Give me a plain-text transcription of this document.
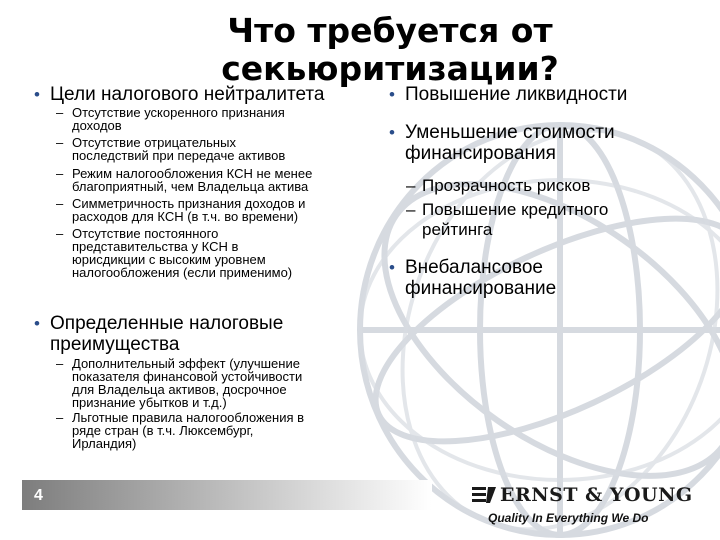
Что требуется от
секьюритизации?
• Цели налогового нейтралитета
– Отсутствие ускоренного признания
доходов
– Отсутствие отрицательных
последствий при передаче активов
– Режим налогообложения КСН не менее
благоприятный, чем Владельца актива
– Симметричность признания доходов и
расходов для КСН (в т.ч. во времени)
– Отсутствие постоянного
представительства у КСН в
юрисдикции с высоким уровнем
налогообложения (если применимо)
• Определенные налоговые
преимущества
– Дополнительный эффект (улучшение
показателя финансовой устойчивости
для Владельца активов, досрочное
признание убытков и т.д.)
– Льготные правила налогообложения в
ряде стран (в т.ч. Люксембург,
Ирландия)
• Повышение ликвидности
• Уменьшение стоимости
финансирования
– Прозрачность рисков
– Повышение кредитного
рейтинга
• Внебалансовое
финансирование
4	ERNST & YOUNG
Quality In Everything We Do
